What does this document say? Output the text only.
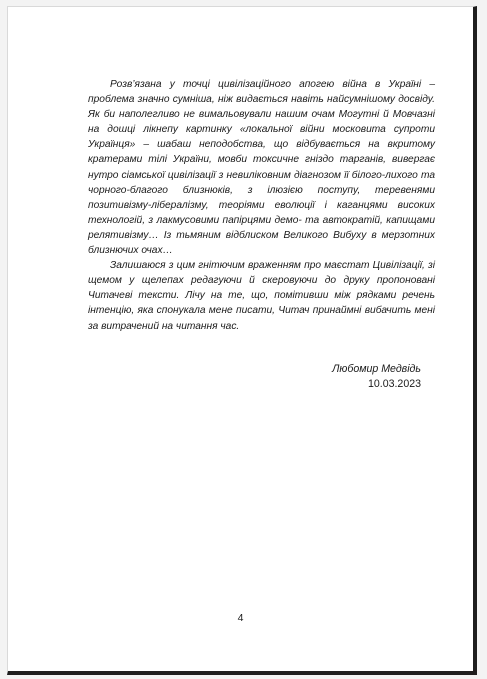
Розв’язана у точці цивілізаційного апогею війна в Україні – проблема значно сумніша, ніж видається навіть найсумнішому досвіду. Як би наполегливо не вимальовували нашим очам Могутні й Мовчазні на дошці лікнепу картинку «локальної війни московита супроти Українця» – шабаш неподобства, що відбувається на вкритому кратерами тілі України, мовби токсичне гніздо тарганів, вивергає нутро сіамської цивілізації з невиліковним діагнозом її білого-лихого та чорного-благого близнюків, з ілюзією поступу, теревенями позитивізму-лібералізму, теоріями еволюції і каганцями високих технологій, з лакмусовими папірцями демо- та автократій, капищами релятивізму… Із тьмяним відблиском Великого Вибуху в мерзотних близнючих очах…

Залишаюся з цим гнітючим враженням про маєстат Цивілізації, зі щемом у щелепах редагуючи й скеровуючи до друку пропоновані Читачеві тексти. Лічу на те, що, помітивши між рядками речень інтенцію, яка спонукала мене писати, Читач принаймні вибачить мені за витрачений на читання час.

Любомир Медвідь
10.03.2023
4
